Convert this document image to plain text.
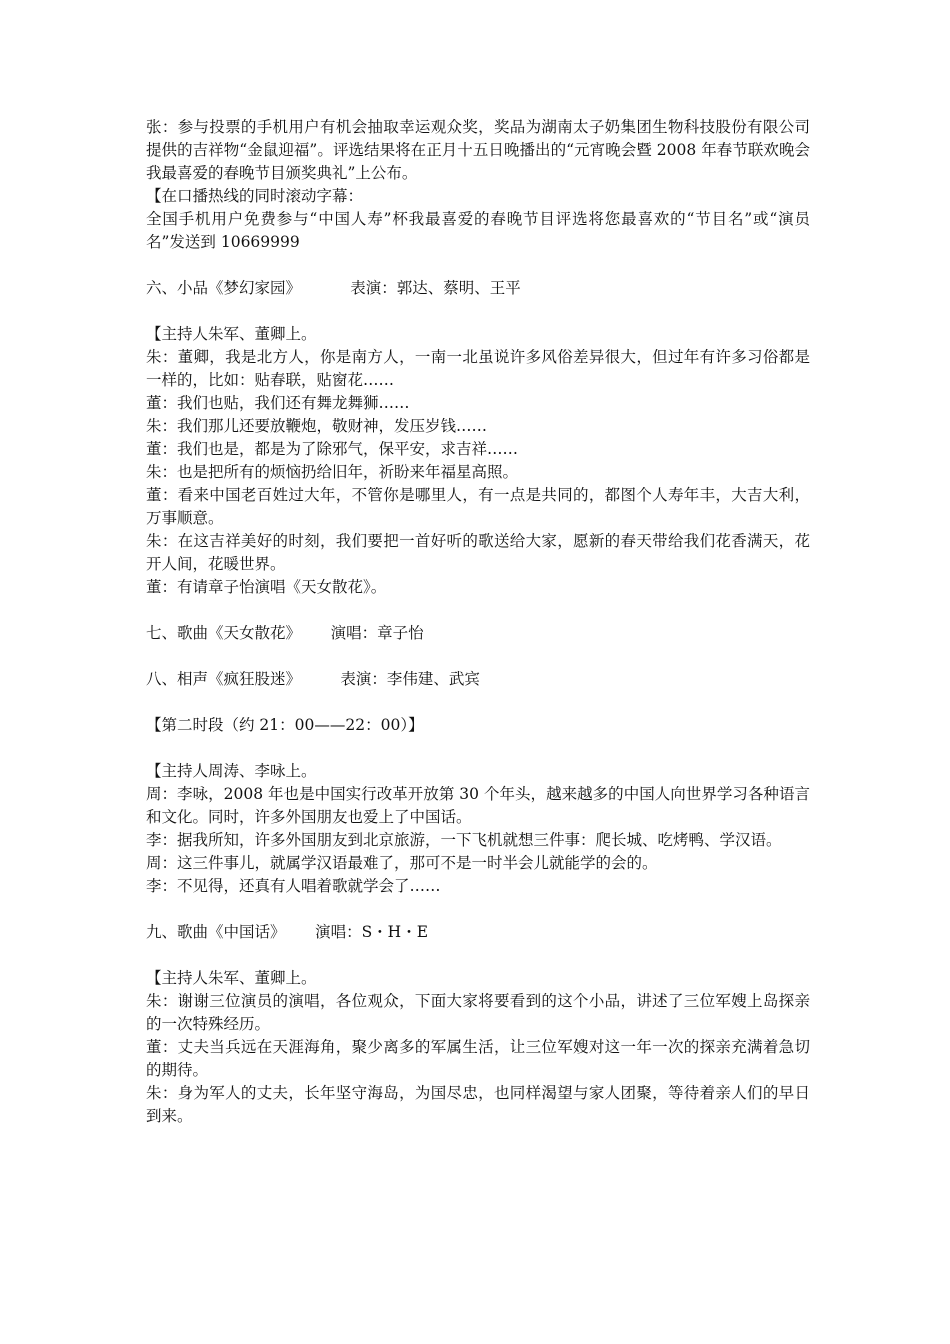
张：参与投票的手机用户有机会抽取幸运观众奖，奖品为湖南太子奶集团生物科技股份有限公司提供的吉祥物“金鼠迎福”。评选结果将在正月十五日晚播出的“元宵晚会暨 2008 年春节联欢晚会我最喜爱的春晚节目颁奖典礼”上公布。
【在口播热线的同时滚动字幕：
全国手机用户免费参与“中国人寿”杯我最喜爱的春晚节目评选将您最喜欢的“节目名”或“演员名”发送到 10669999
六、小品《梦幻家园》          表演：郭达、蔡明、王平
【主持人朱军、董卿上。
朱：董卿，我是北方人，你是南方人，一南一北虽说许多风俗差异很大，但过年有许多习俗都是一样的，比如：贴春联，贴窗花……
董：我们也贴，我们还有舞龙舞狮……
朱：我们那儿还要放鞭炮，敬财神，发压岁钱……
董：我们也是，都是为了除邪气，保平安，求吉祥……
朱：也是把所有的烦恼扔给旧年，祈盼来年福星高照。
董：看来中国老百姓过大年，不管你是哪里人，有一点是共同的，都图个人寿年丰，大吉大利，万事顺意。
朱：在这吉祥美好的时刻，我们要把一首好听的歌送给大家，愿新的春天带给我们花香满天，花开人间，花暖世界。
董：有请章子怡演唱《天女散花》。
七、歌曲《天女散花》      演唱：章子怡
八、相声《疯狂股迷》        表演：李伟建、武宾
【第二时段（约 21：00——22：00）】
【主持人周涛、李咏上。
周：李咏，2008 年也是中国实行改革开放第 30 个年头，越来越多的中国人向世界学习各种语言和文化。同时，许多外国朋友也爱上了中国话。
李：据我所知，许多外国朋友到北京旅游，一下飞机就想三件事：爬长城、吃烤鸭、学汉语。
周：这三件事儿，就属学汉语最难了，那可不是一时半会儿就能学的会的。
李：不见得，还真有人唱着歌就学会了……
九、歌曲《中国话》      演唱：S・H・E
【主持人朱军、董卿上。
朱：谢谢三位演员的演唱，各位观众，下面大家将要看到的这个小品，讲述了三位军嫂上岛探亲的一次特殊经历。
董：丈夫当兵远在天涯海角，聚少离多的军属生活，让三位军嫂对这一年一次的探亲充满着急切的期待。
朱：身为军人的丈夫，长年坚守海岛，为国尽忠，也同样渴望与家人团聚，等待着亲人们的早日到来。
